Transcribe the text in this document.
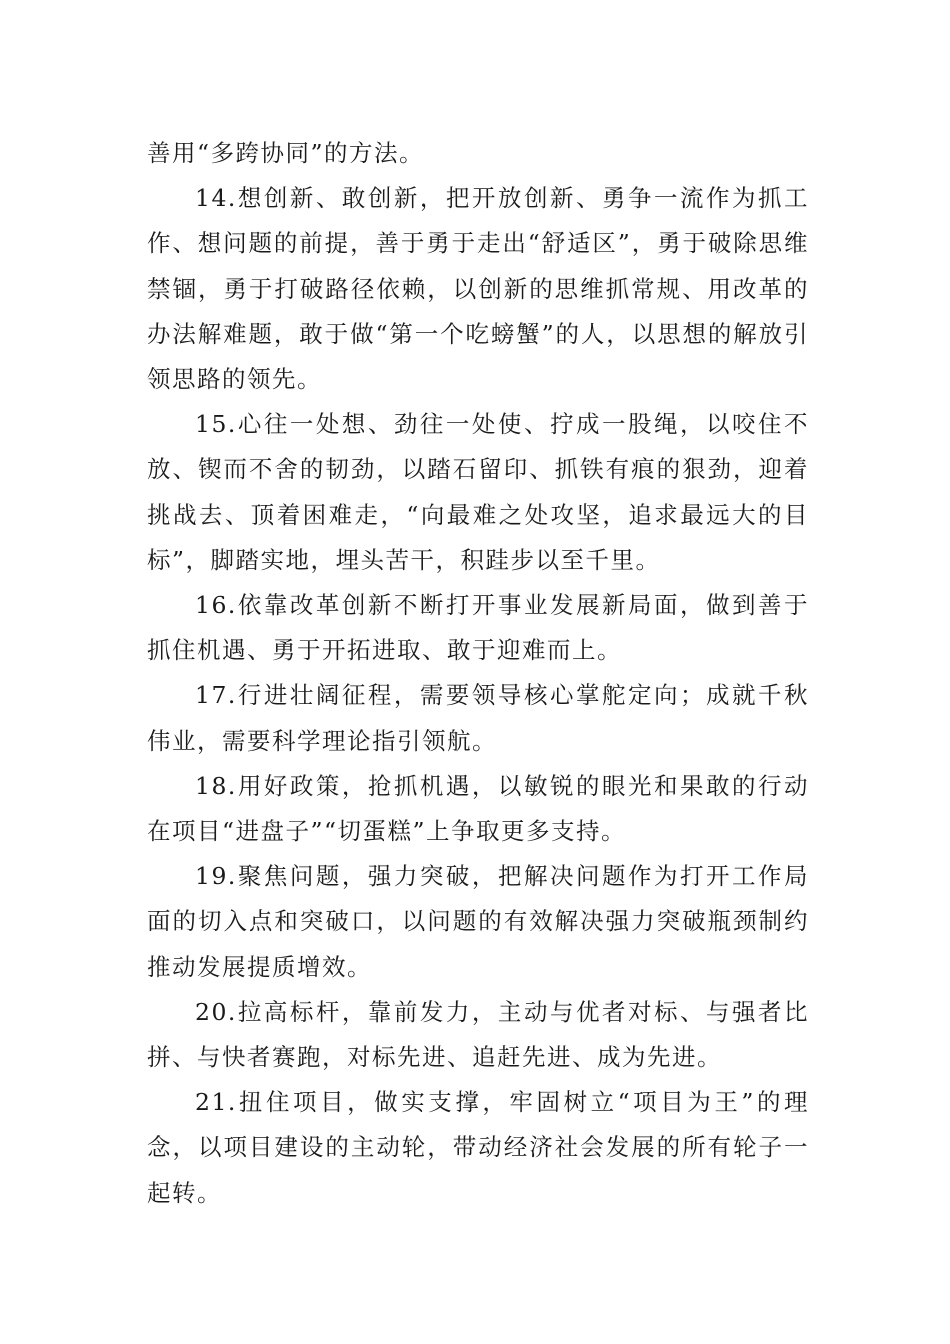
善用“多跨协同”的方法。

14.想创新、敢创新，把开放创新、勇争一流作为抓工作、想问题的前提，善于勇于走出“舒适区”，勇于破除思维禁锢，勇于打破路径依赖，以创新的思维抓常规、用改革的办法解难题，敢于做“第一个吃螃蟹”的人，以思想的解放引领思路的领先。

15.心往一处想、劲往一处使、拧成一股绳，以咬住不放、锲而不舍的韧劲，以踏石留印、抓铁有痕的狠劲，迎着挑战去、顶着困难走，“向最难之处攻坚，追求最远大的目标”，脚踏实地，埋头苦干，积跬步以至千里。

16.依靠改革创新不断打开事业发展新局面，做到善于抓住机遇、勇于开拓进取、敢于迎难而上。

17.行进壮阔征程，需要领导核心掌舵定向；成就千秋伟业，需要科学理论指引领航。

18.用好政策，抢抓机遇，以敏锐的眼光和果敢的行动在项目“进盘子”“切蛋糕”上争取更多支持。

19.聚焦问题，强力突破，把解决问题作为打开工作局面的切入点和突破口，以问题的有效解决强力突破瓶颈制约推动发展提质增效。

20.拉高标杆，靠前发力，主动与优者对标、与强者比拼、与快者赛跑，对标先进、追赶先进、成为先进。

21.扭住项目，做实支撑，牢固树立“项目为王”的理念，以项目建设的主动轮，带动经济社会发展的所有轮子一起转。
